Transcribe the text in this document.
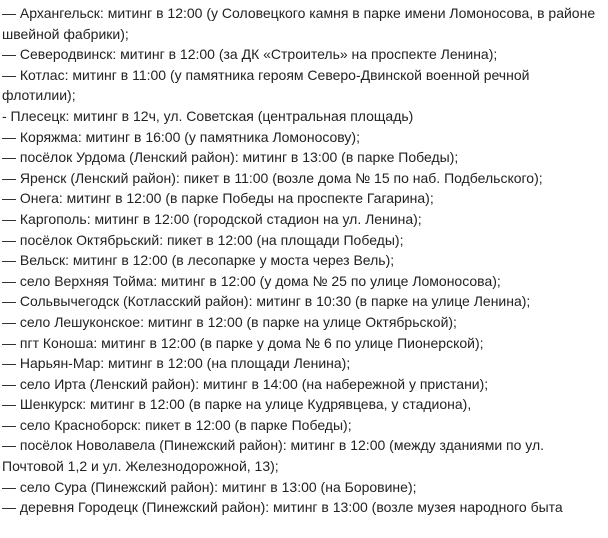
— Архангельск: митинг в 12:00 (у Соловецкого камня в парке имени Ломоносова, в районе швейной фабрики);
— Северодвинск: митинг в 12:00 (за ДК «Строитель» на проспекте Ленина);
— Котлас: митинг в 11:00 (у памятника героям Северо-Двинской военной речной флотилии);
- Плесецк: митинг в 12ч, ул. Советская (центральная площадь)
— Коряжма: митинг в 16:00 (у памятника Ломоносову);
— посёлок Урдома (Ленский район): митинг в 13:00 (в парке Победы);
— Яренск (Ленский район): пикет в 11:00 (возле дома № 15 по наб. Подбельского);
— Онега: митинг в 12:00 (в парке Победы на проспекте Гагарина);
— Каргополь: митинг в 12:00 (городской стадион на ул. Ленина);
— посёлок Октябрьский: пикет в 12:00 (на площади Победы);
— Вельск: митинг в 12:00 (в лесопарке у моста через Вель);
— село Верхняя Тойма: митинг в 12:00 (у дома № 25 по улице Ломоносова);
— Сольвычегодск (Котласский район): митинг в 10:30 (в парке на улице Ленина);
— село Лешуконское: митинг в 12:00 (в парке на улице Октябрьской);
— пгт Коноша: митинг в 12:00 (в парке у дома № 6 по улице Пионерской);
— Нарьян-Мар: митинг в 12:00 (на площади Ленина);
— село Ирта (Ленский район): митинг в 14:00 (на набережной у пристани);
— Шенкурск: митинг в 12:00 (в парке на улице Кудрявцева, у стадиона),
— село Красноборск: пикет в 12:00 (в парке Победы);
— посёлок Новолавела (Пинежский район): митинг в 12:00 (между зданиями по ул. Почтовой 1,2 и ул. Железнодорожной, 13);
— село Сура (Пинежский район): митинг в 13:00 (на Боровине);
— деревня Городецк (Пинежский район): митинг в 13:00 (возле музея народного быта
